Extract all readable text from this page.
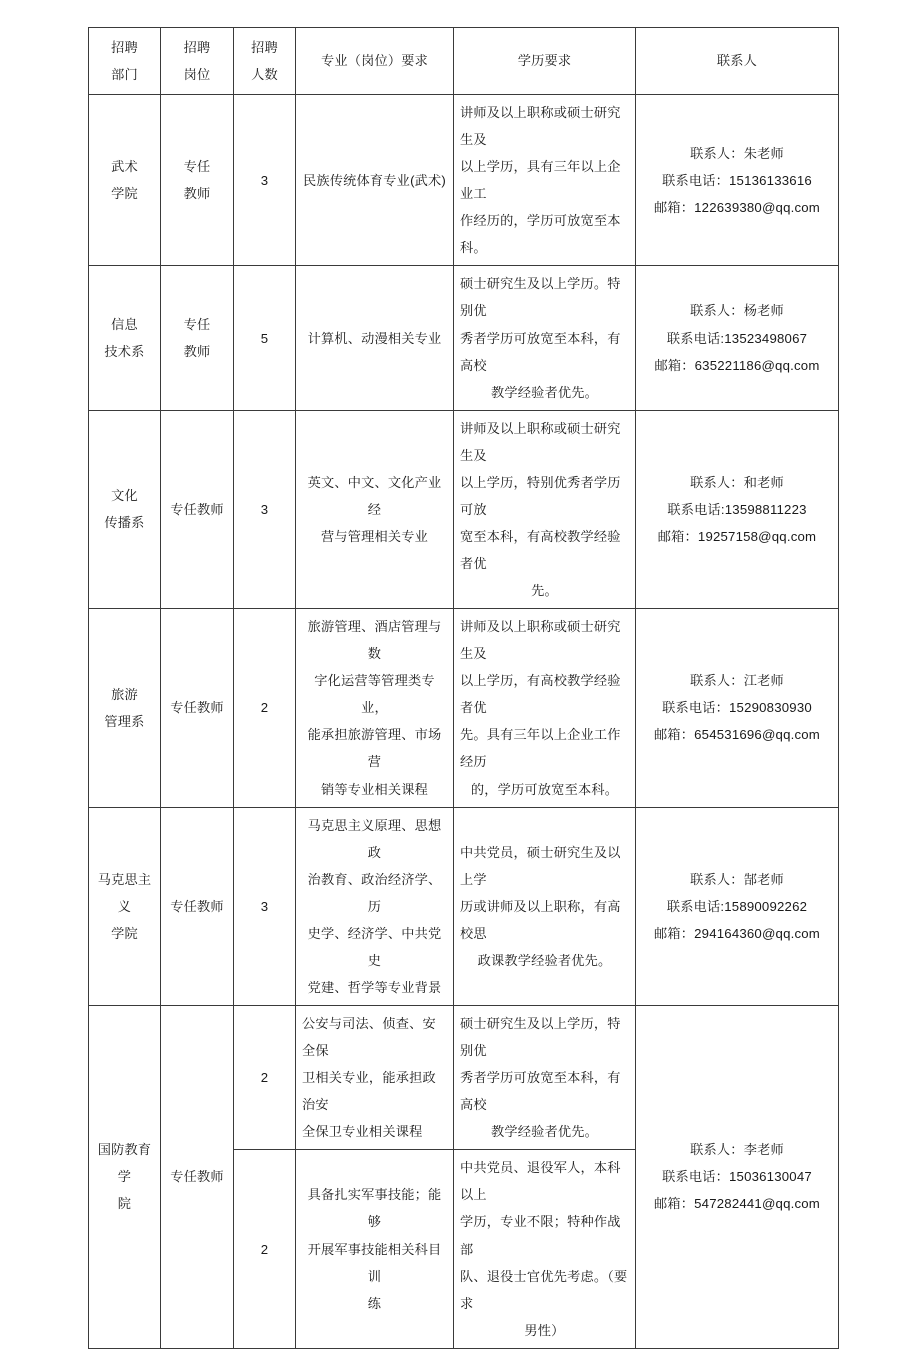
招聘
部门	招聘
岗位	招聘
人数	专业（岗位）要求	学历要求	联系人

武术
学院	专任
教师	3	民族传统体育专业(武术)	讲师及以上职称或硕士研究生及
以上学历，具有三年以上企业工
作经历的，学历可放宽至本科。	联系人：朱老师
联系电话：15136133616
邮箱：122639380@qq.com

信息
技术系	专任
教师	5	计算机、动漫相关专业	硕士研究生及以上学历。特别优
秀者学历可放宽至本科，有高校
教学经验者优先。	联系人：杨老师
联系电话:13523498067
邮箱：635221186@qq.com

文化
传播系	专任教师	3	英文、中文、文化产业经
营与管理相关专业	讲师及以上职称或硕士研究生及
以上学历，特别优秀者学历可放
宽至本科，有高校教学经验者优
先。	联系人：和老师
联系电话:13598811223
邮箱：19257158@qq.com

旅游
管理系	专任教师	2	旅游管理、酒店管理与数
字化运营等管理类专业，
能承担旅游管理、市场营
销等专业相关课程	讲师及以上职称或硕士研究生及
以上学历，有高校教学经验者优
先。具有三年以上企业工作经历
的，学历可放宽至本科。	联系人：江老师
联系电话：15290830930
邮箱：654531696@qq.com

马克思主义
学院	专任教师	3	马克思主义原理、思想政
治教育、政治经济学、历
史学、经济学、中共党史
党建、哲学等专业背景	中共党员，硕士研究生及以上学
历或讲师及以上职称，有高校思
政课教学经验者优先。	联系人：郜老师
联系电话:15890092262
邮箱：294164360@qq.com

国防教育学
院	专任教师	2	公安与司法、侦查、安全保
卫相关专业，能承担政治安
全保卫专业相关课程	硕士研究生及以上学历，特别优
秀者学历可放宽至本科，有高校
教学经验者优先。	联系人：李老师
联系电话：15036130047
邮箱：547282441@qq.com

		2	具备扎实军事技能；能够
开展军事技能相关科目训
练	中共党员、退役军人，本科以上
学历，专业不限；特种作战部
队、退役士官优先考虑。（要求
男性）	
